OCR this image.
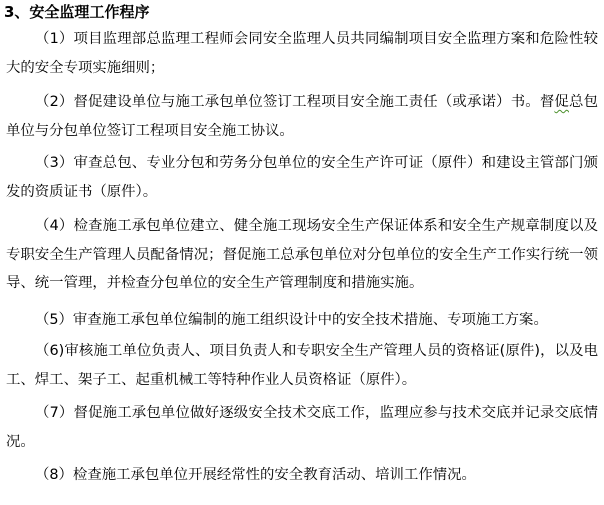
3、安全监理工作程序

（1）项目监理部总监理工程师会同安全监理人员共同编制项目安全监理方案和危险性较大的安全专项实施细则；

（2）督促建设单位与施工承包单位签订工程项目安全施工责任（或承诺）书。督促总包单位与分包单位签订工程项目安全施工协议。

（3）审查总包、专业分包和劳务分包单位的安全生产许可证（原件）和建设主管部门颁发的资质证书（原件）。

（4）检查施工承包单位建立、健全施工现场安全生产保证体系和安全生产规章制度以及专职安全生产管理人员配备情况；督促施工总承包单位对分包单位的安全生产工作实行统一领导、统一管理，并检查分包单位的安全生产管理制度和措施实施。

（5）审查施工承包单位编制的施工组织设计中的安全技术措施、专项施工方案。

（6)审核施工单位负责人、项目负责人和专职安全生产管理人员的资格证(原件)，以及电工、焊工、架子工、起重机械工等特种作业人员资格证（原件）。

（7）督促施工承包单位做好逐级安全技术交底工作，监理应参与技术交底并记录交底情况。

（8）检查施工承包单位开展经常性的安全教育活动、培训工作情况。
